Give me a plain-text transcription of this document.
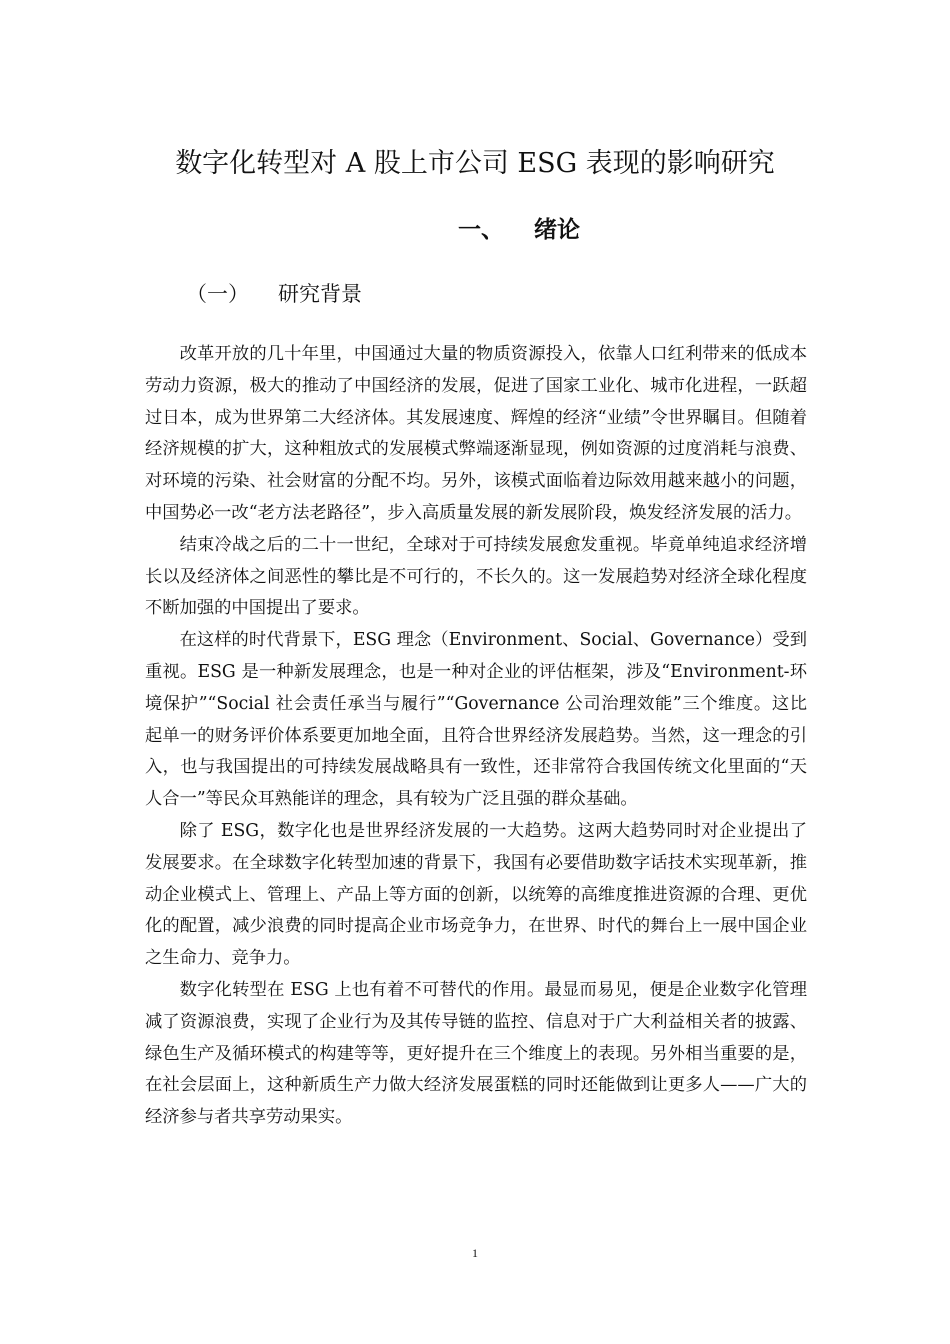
数字化转型对 A 股上市公司 ESG 表现的影响研究
一、 绪论
（一） 研究背景

改革开放的几十年里，中国通过大量的物质资源投入，依靠人口红利带来的低成本劳动力资源，极大的推动了中国经济的发展，促进了国家工业化、城市化进程，一跃超过日本，成为世界第二大经济体。其发展速度、辉煌的经济“业绩”令世界瞩目。但随着经济规模的扩大，这种粗放式的发展模式弊端逐渐显现，例如资源的过度消耗与浪费、对环境的污染、社会财富的分配不均。另外，该模式面临着边际效用越来越小的问题，中国势必一改“老方法老路径”，步入高质量发展的新发展阶段，焕发经济发展的活力。

结束冷战之后的二十一世纪，全球对于可持续发展愈发重视。毕竟单纯追求经济增长以及经济体之间恶性的攀比是不可行的，不长久的。这一发展趋势对经济全球化程度不断加强的中国提出了要求。

在这样的时代背景下，ESG 理念（Environment、Social、Governance）受到重视。ESG 是一种新发展理念，也是一种对企业的评估框架，涉及“Environment-环境保护”“Social 社会责任承当与履行”“Governance 公司治理效能”三个维度。这比起单一的财务评价体系要更加地全面，且符合世界经济发展趋势。当然，这一理念的引入，也与我国提出的可持续发展战略具有一致性，还非常符合我国传统文化里面的“天人合一”等民众耳熟能详的理念，具有较为广泛且强的群众基础。

除了 ESG，数字化也是世界经济发展的一大趋势。这两大趋势同时对企业提出了发展要求。在全球数字化转型加速的背景下，我国有必要借助数字话技术实现革新，推动企业模式上、管理上、产品上等方面的创新，以统筹的高维度推进资源的合理、更优化的配置，减少浪费的同时提高企业市场竞争力，在世界、时代的舞台上一展中国企业之生命力、竞争力。

数字化转型在 ESG 上也有着不可替代的作用。最显而易见，便是企业数字化管理减了资源浪费，实现了企业行为及其传导链的监控、信息对于广大利益相关者的披露、绿色生产及循环模式的构建等等，更好提升在三个维度上的表现。另外相当重要的是，在社会层面上，这种新质生产力做大经济发展蛋糕的同时还能做到让更多人——广大的经济参与者共享劳动果实。

1
